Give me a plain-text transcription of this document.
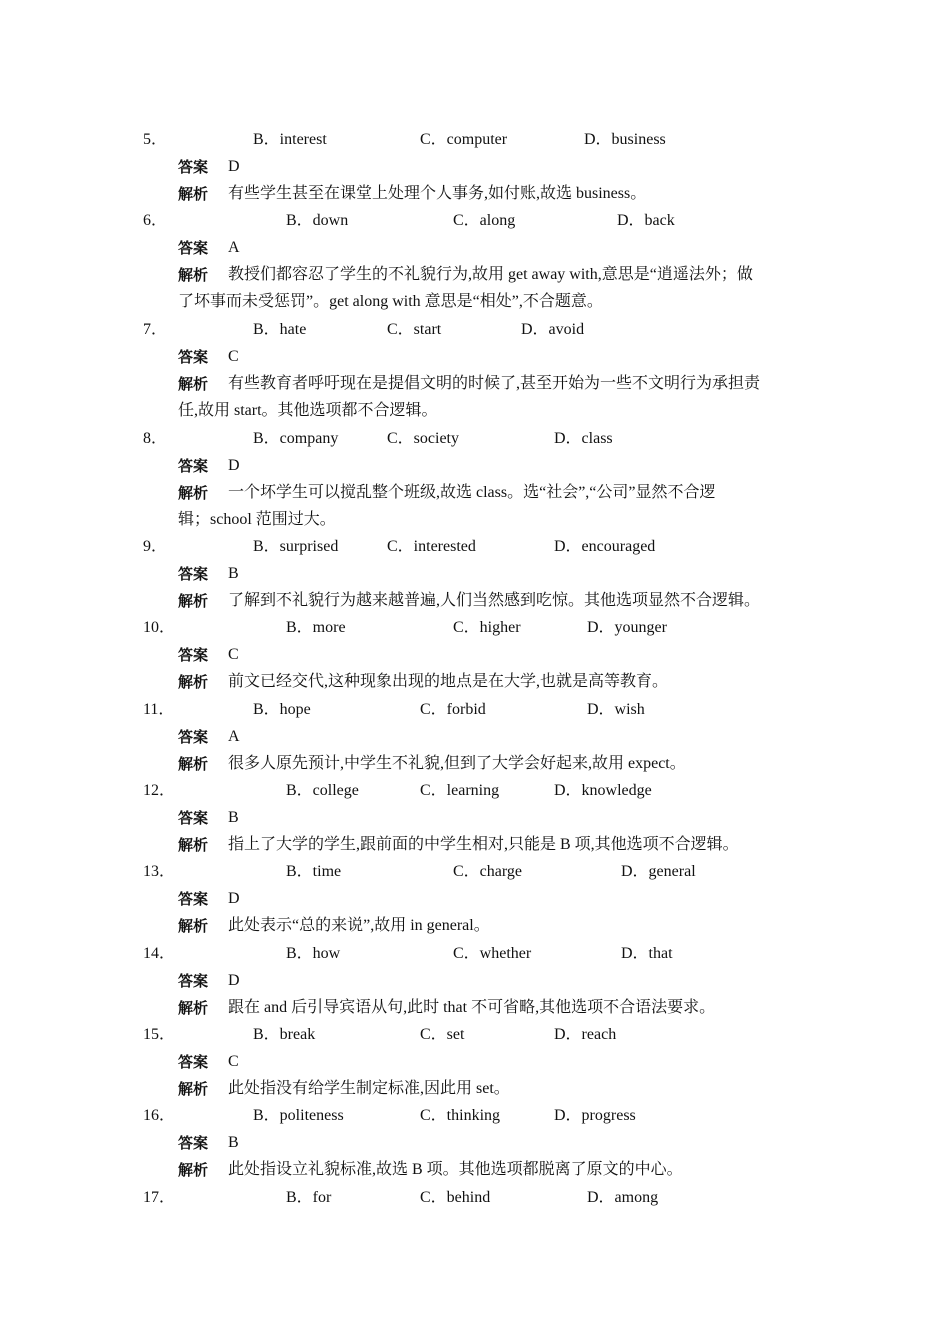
5．	B．interest	C．computer	D．business
答案 D
解析 有些学生甚至在课堂上处理个人事务,如付账,故选 business。
6．	B．down	C．along	D．back
答案 A
解析 教授们都容忍了学生的不礼貌行为,故用 get away with,意思是“逍遥法外；做
了坏事而未受惩罚”。get along with 意思是“相处”,不合题意。
7．	B．hate	C．start	D．avoid
答案 C
解析 有些教育者呼吁现在是提倡文明的时候了,甚至开始为一些不文明行为承担责
任,故用 start。其他选项都不合逻辑。
8．	B．company	C．society	D．class
答案 D
解析 一个坏学生可以搅乱整个班级,故选 class。选“社会”,“公司”显然不合逻
辑；school 范围过大。
9．	B．surprised	C．interested	D．encouraged
答案 B
解析 了解到不礼貌行为越来越普遍,人们当然感到吃惊。其他选项显然不合逻辑。
10．	B．more	C．higher	D．younger
答案 C
解析 前文已经交代,这种现象出现的地点是在大学,也就是高等教育。
11．	B．hope	C．forbid	D．wish
答案 A
解析 很多人原先预计,中学生不礼貌,但到了大学会好起来,故用 expect。
12．	B．college	C．learning	D．knowledge
答案 B
解析 指上了大学的学生,跟前面的中学生相对,只能是 B 项,其他选项不合逻辑。
13．	B．time	C．charge	D．general
答案 D
解析 此处表示“总的来说”,故用 in general。
14．	B．how	C．whether	D．that
答案 D
解析 跟在 and 后引导宾语从句,此时 that 不可省略,其他选项不合语法要求。
15．	B．break	C．set	D．reach
答案 C
解析 此处指没有给学生制定标准,因此用 set。
16．	B．politeness	C．thinking	D．progress
答案 B
解析 此处指设立礼貌标准,故选 B 项。其他选项都脱离了原文的中心。
17．	B．for	C．behind	D．among
